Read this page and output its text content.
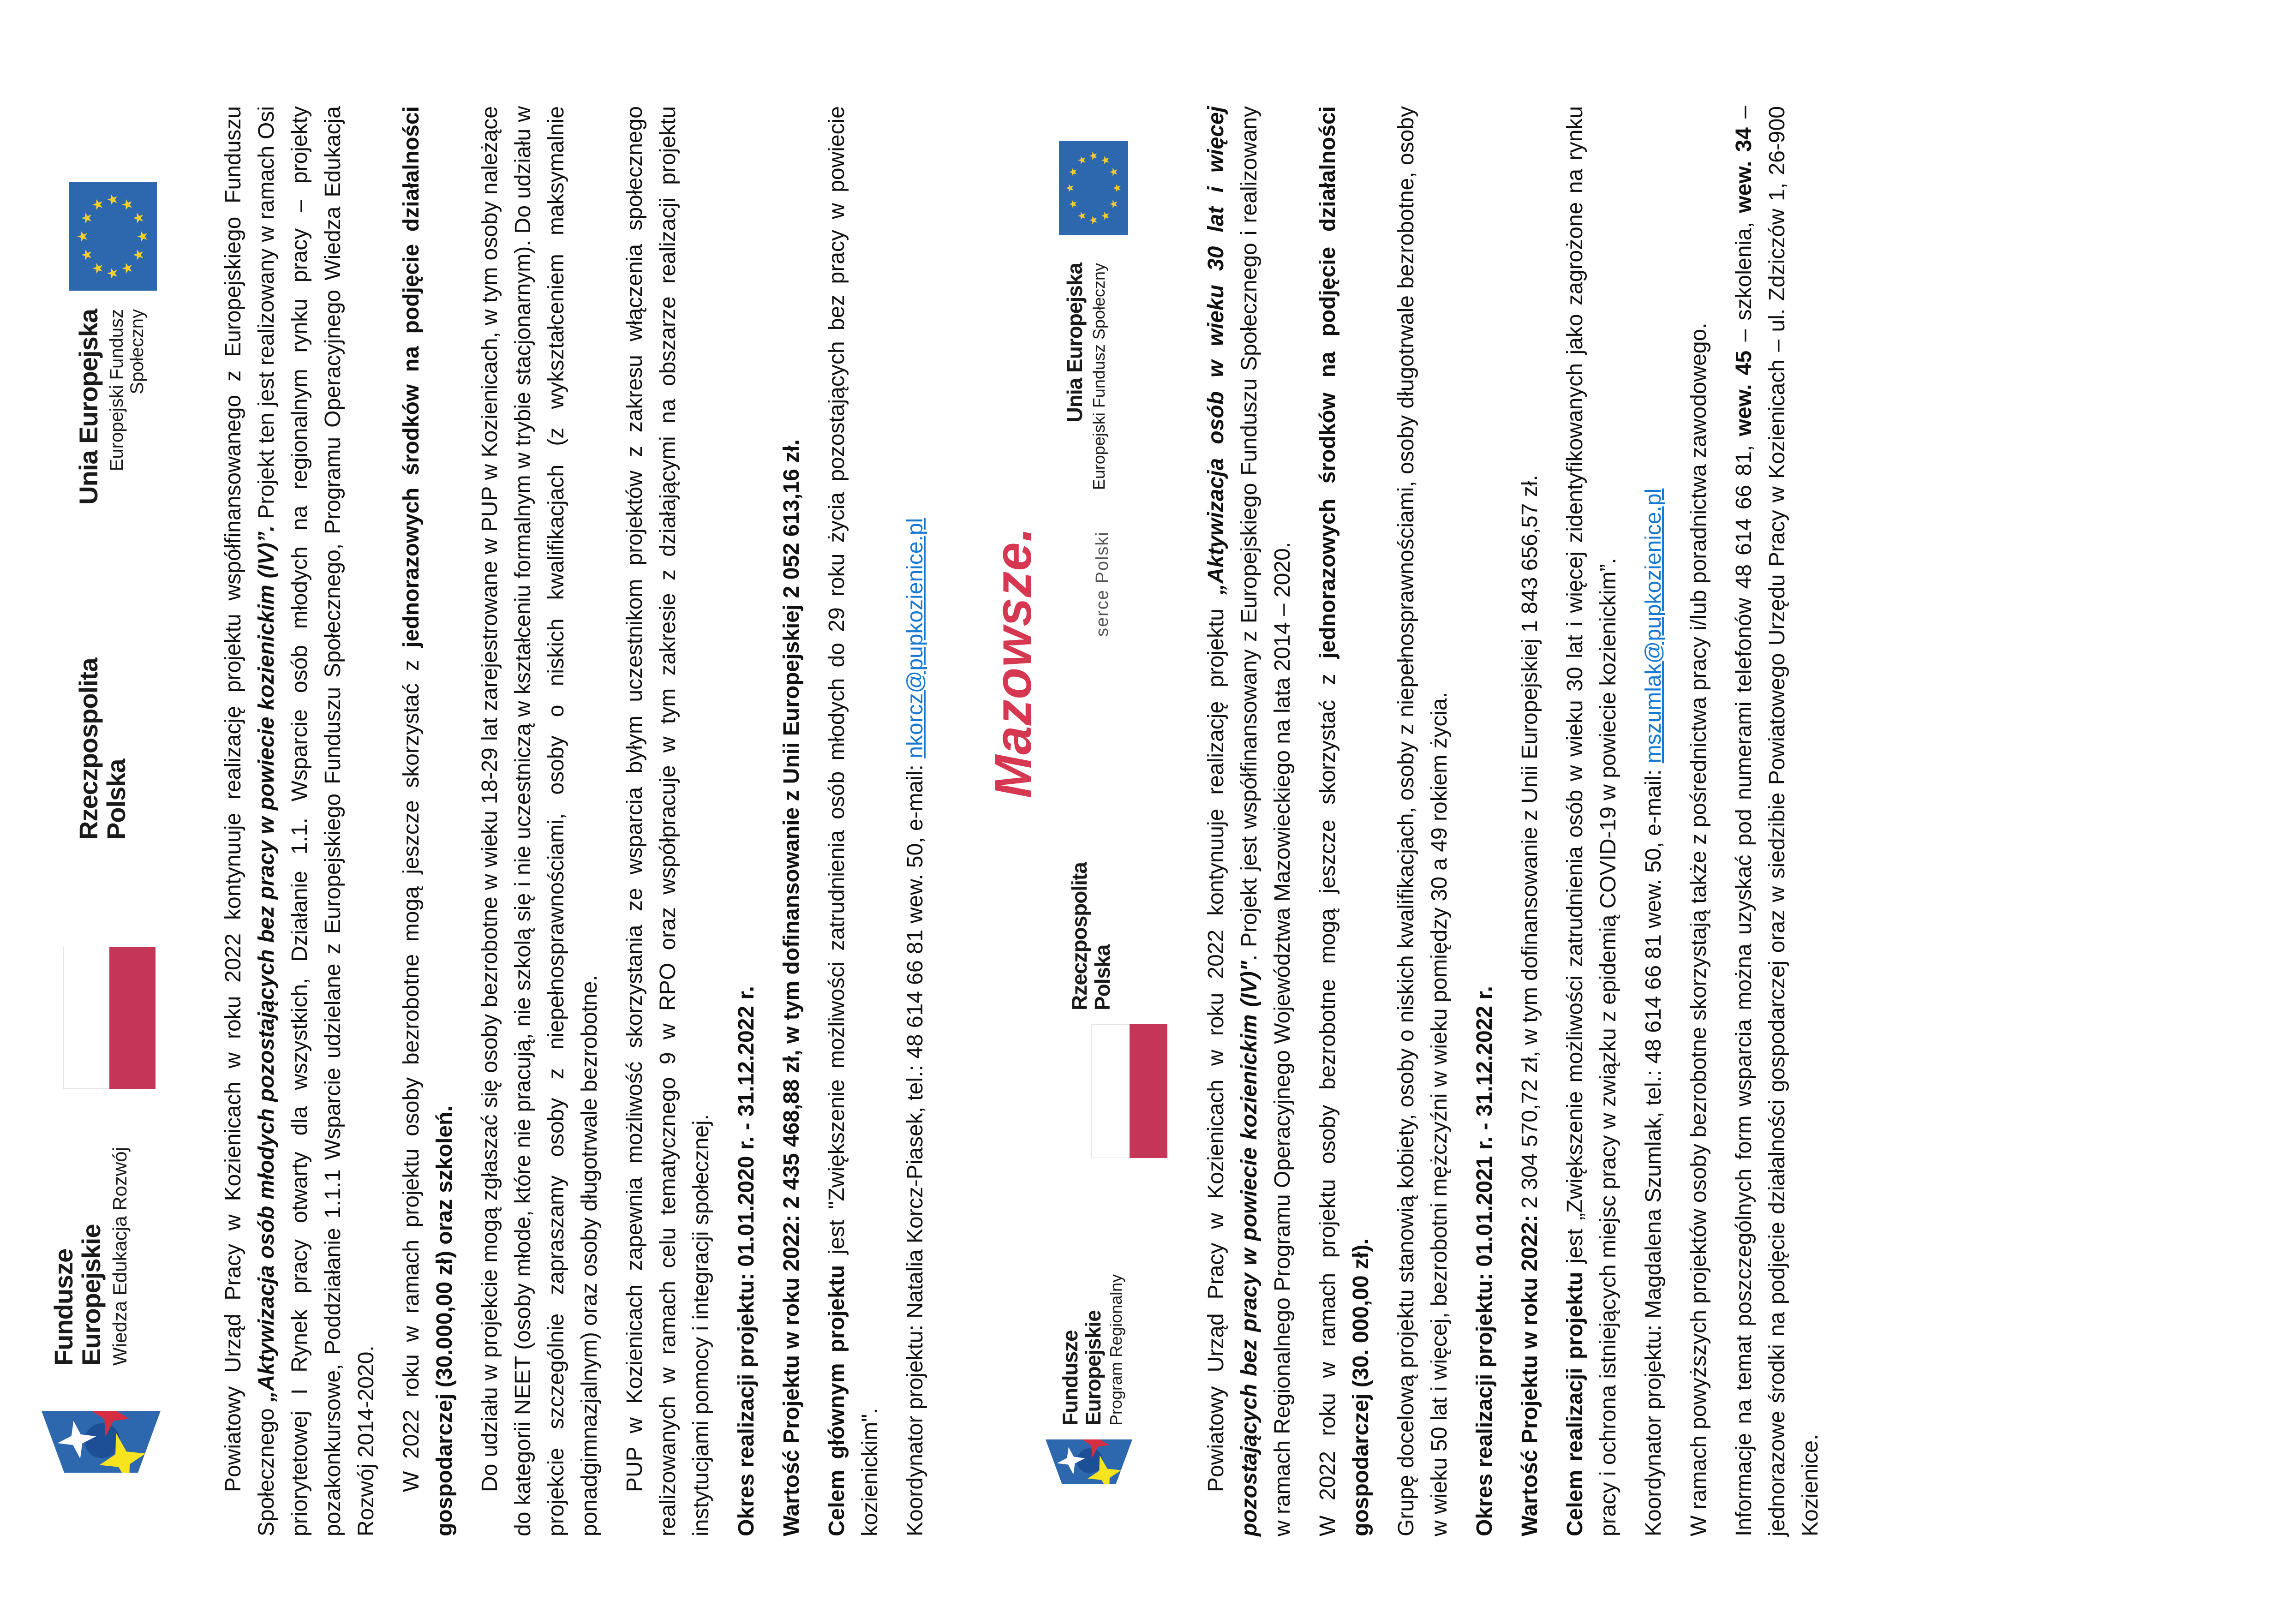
Fundusze
Europejskie Wiedza Edukacja Rozwój
Rzeczpospolita
Polska
Unia Europejska Europejski Fundusz Społeczny
★
★
★ ★ ★
★
★
★
★
★
★
★	Powiatowy Urząd Pracy w Kozienicach w roku 2022 kontynuuje realizację projektu współfinansowanego z Europejskiego Funduszu Społecznego „Aktywizacja osób młodych pozostających bez pracy w powiecie kozienickim (IV)”. Projekt ten jest realizowany w ramach Osi priorytetowej I Rynek pracy otwarty dla wszystkich, Działanie 1.1. Wsparcie osób młodych na regionalnym rynku pracy – projekty pozakonkursowe, Poddziałanie 1.1.1 Wsparcie udzielane z Europejskiego Funduszu Społecznego, Programu Operacyjnego Wiedza Edukacja Rozwój 2014-2020. W 2022 roku w ramach projektu osoby bezrobotne mogą jeszcze skorzystać z jednorazowych środków na podjęcie działalności gospodarczej (30.000,00 zł) oraz szkoleń. Do udziału w projekcie mogą zgłaszać się osoby bezrobotne w wieku 18-29 lat zarejestrowane w PUP w Kozienicach, w tym osoby należące do kategorii NEET (osoby młode, które nie pracują, nie szkolą się i nie uczestniczą w kształceniu formalnym w trybie stacjonarnym). Do udziału w projekcie szczególnie zapraszamy osoby z niepełnosprawnościami, osoby o niskich kwalifikacjach (z wykształceniem maksymalnie ponadgimnazjalnym) oraz osoby długotrwale bezrobotne. PUP w Kozienicach zapewnia możliwość skorzystania ze wsparcia byłym uczestnikom projektów z zakresu włączenia społecznego realizowanych w ramach celu tematycznego 9 w RPO oraz współpracuje w tym zakresie z działającymi na obszarze realizacji projektu instytucjami pomocy i integracji społecznej. Okres realizacji projektu: 01.01.2020 r. - 31.12.2022 r. Wartość Projektu w roku 2022: 2 435 468,88 zł, w tym dofinansowanie z Unii Europejskiej 2 052 613,16 zł.

Celem głównym projektu jest "Zwiększenie możliwości zatrudnienia osób młodych do 29 roku życia pozostających bez pracy w powiecie kozienickim". Koordynator projektu: Natalia Korcz-Piasek, tel.: 48 614 66 81 wew. 50, e-mail: nkorcz@pupkozienice.pl

Fundusze
Europejskie Program Regionalny
Rzeczpospolita
Polska
Mazowsze.	serce Polski
Unia Europejska Europejski Fundusz Społeczny
★
★
★ ★ ★
★
★
★
★
★
★
★

Powiatowy Urząd Pracy w Kozienicach w roku 2022 kontynuuje realizację projektu „Aktywizacja osób w wieku 30 lat i więcej pozostających bez pracy w powiecie kozienickim (IV)". Projekt jest współfinansowany z Europejskiego Funduszu Społecznego i realizowany w ramach Regionalnego Programu Operacyjnego Województwa Mazowieckiego na lata 2014 – 2020. W 2022 roku w ramach projektu osoby bezrobotne mogą jeszcze skorzystać z jednorazowych środków na podjęcie działalności gospodarczej (30. 000,00 zł). Grupę docelową projektu stanowią kobiety, osoby o niskich kwalifikacjach, osoby z niepełnosprawnościami, osoby długotrwale bezrobotne, osoby w wieku 50 lat i więcej, bezrobotni mężczyźni w wieku pomiędzy 30 a 49 rokiem życia. Okres realizacji projektu: 01.01.2021 r. - 31.12.2022 r. Wartość Projektu w roku 2022: 2 304 570,72 zł, w tym dofinansowanie z Unii Europejskiej 1 843 656,57 zł.

Celem realizacji projektu jest „Zwiększenie możliwości zatrudnienia osób w wieku 30 lat i więcej zidentyfikowanych jako zagrożone na rynku pracy i ochrona istniejących miejsc pracy w związku z epidemią COVID-19 w powiecie kozienickim”. Koordynator projektu: Magdalena Szumlak, tel.: 48 614 66 81 wew. 50, e-mail: mszumlak@pupkozienice.pl W ramach powyższych projektów osoby bezrobotne skorzystają także z pośrednictwa pracy i/lub poradnictwa zawodowego. Informacje na temat poszczególnych form wsparcia można uzyskać pod numerami telefonów 48 614 66 81, wew. 45 – szkolenia, wew. 34 – jednorazowe środki na podjęcie działalności gospodarczej oraz w siedzibie Powiatowego Urzędu Pracy w Kozienicach – ul. Zdziczów 1, 26-900 Kozienice.
